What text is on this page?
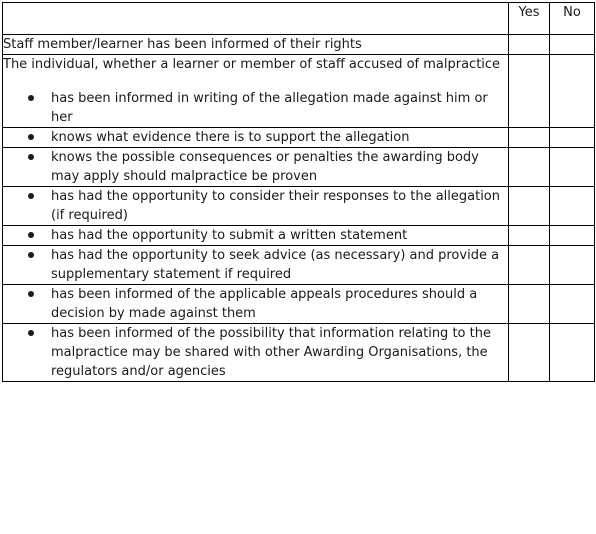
	Yes	No
Staff member/learner has been informed of their rights		

The individual, whether a learner or member of staff accused of malpractice
has been informed in writing of the allegation made against him or her		

knows what evidence there is to support the allegation		

knows the possible consequences or penalties the awarding body may apply should malpractice be proven		

has had the opportunity to consider their responses to the allegation (if required)		

has had the opportunity to submit a written statement		

has had the opportunity to seek advice (as necessary) and provide a supplementary statement if required		

has been informed of the applicable appeals procedures should a decision by made against them		

has been informed of the possibility that information relating to the malpractice may be shared with other Awarding Organisations, the regulators and/or agencies		
